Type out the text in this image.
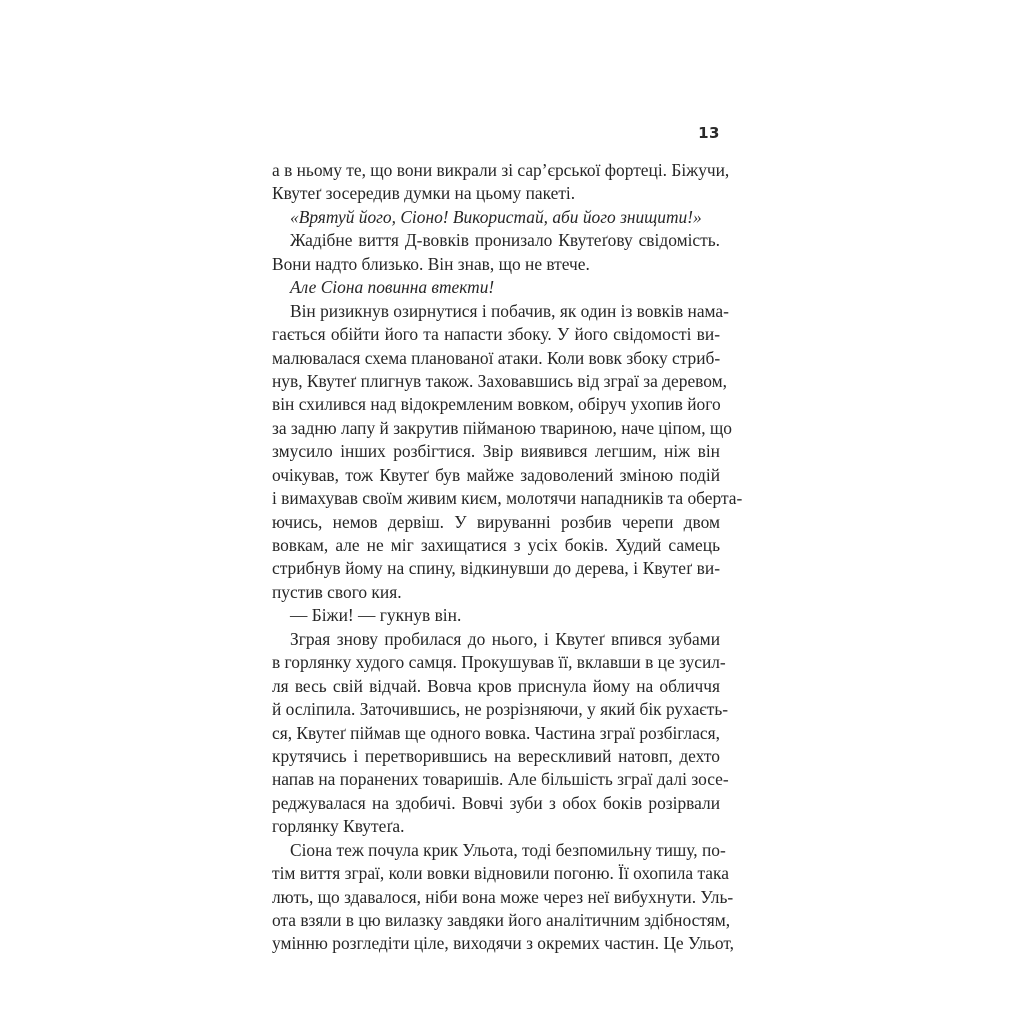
13
а в ньому те, що вони викрали зі сар’єрської фортеці. Біжучи,
Квутеґ зосередив думки на цьому пакеті.
«Врятуй його, Сіоно! Використай, аби його знищити!»
Жадібне виття Д-вовків пронизало Квутеґову свідомість.
Вони надто близько. Він знав, що не втече.
Але Сіона повинна втекти!
Він ризикнув озирнутися і побачив, як один із вовків нама-
гається обійти його та напасти збоку. У його свідомості ви-
малювалася схема планованої атаки. Коли вовк збоку стриб-
нув, Квутеґ плигнув також. Заховавшись від зграї за деревом,
він схилився над відокремленим вовком, обіруч ухопив його
за задню лапу й закрутив пійманою твариною, наче ціпом, що
змусило інших розбігтися. Звір виявився легшим, ніж він
очікував, тож Квутеґ був майже задоволений зміною подій
і вимахував своїм живим києм, молотячи нападників та оберта-
ючись, немов дервіш. У вируванні розбив черепи двом
вовкам, але не міг захищатися з усіх боків. Худий самець
стрибнув йому на спину, відкинувши до дерева, і Квутеґ ви-
пустив свого кия.
— Біжи! — гукнув він.
Зграя знову пробилася до нього, і Квутеґ впився зубами
в горлянку худого самця. Прокушував її, вклавши в це зусил-
ля весь свій відчай. Вовча кров приснула йому на обличчя
й осліпила. Заточившись, не розрізняючи, у який бік рухаєть-
ся, Квутеґ піймав ще одного вовка. Частина зграї розбіглася,
крутячись і перетворившись на верескливий натовп, дехто
напав на поранених товаришів. Але більшість зграї далі зосе-
реджувалася на здобичі. Вовчі зуби з обох боків розірвали
горлянку Квутеґа.
Сіона теж почула крик Ульота, тоді безпомильну тишу, по-
тім виття зграї, коли вовки відновили погоню. Її охопила така
лють, що здавалося, ніби вона може через неї вибухнути. Уль-
ота взяли в цю вилазку завдяки його аналітичним здібностям,
умінню розгледіти ціле, виходячи з окремих частин. Це Ульот,
